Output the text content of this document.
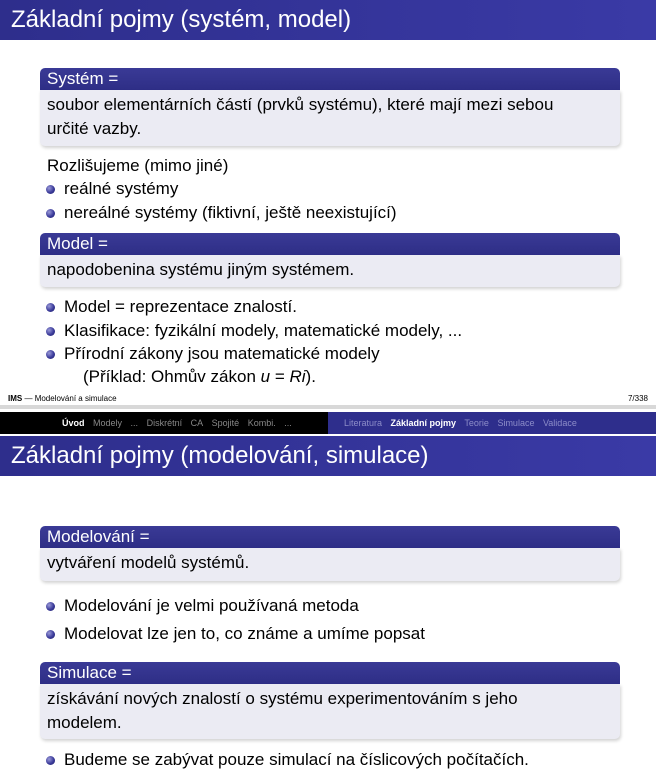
Základní pojmy (systém, model)
Systém =
soubor elementárních částí (prvků systému), které mají mezi sebou
určité vazby.
Rozlišujeme (mimo jiné)
reálné systémy
nereálné systémy (fiktivní, ještě neexistující)
Model =
napodobenina systému jiným systémem.
Model = reprezentace znalostí.
Klasifikace: fyzikální modely, matematické modely, ...
Přírodní zákony jsou matematické modely
(Příklad: Ohmův zákon u = Ri).
IMS — Modelování a simulace	7/338
Úvod Modely ... Diskrétní CA Spojité Kombi. ...	Literatura Základní pojmy Teorie Simulace Validace
Základní pojmy (modelování, simulace)
Modelování =
vytváření modelů systémů.
Modelování je velmi používaná metoda
Modelovat lze jen to, co známe a umíme popsat
Simulace =
získávání nových znalostí o systému experimentováním s jeho
modelem.
Budeme se zabývat pouze simulací na číslicových počítačích.
